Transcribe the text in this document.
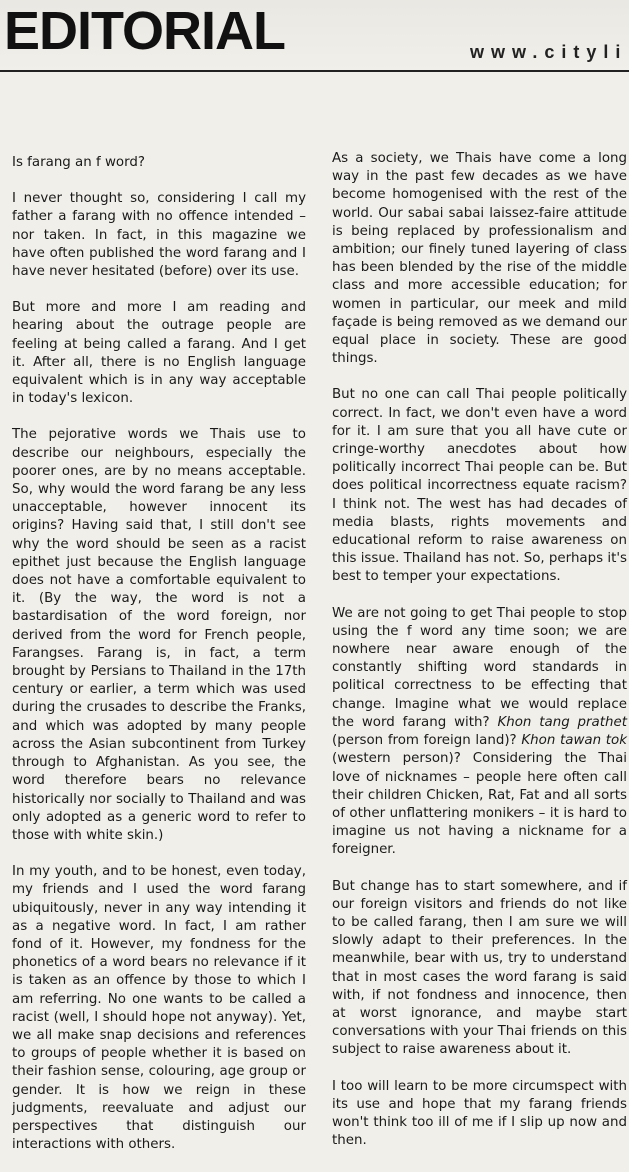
EDITORIAL	www.cityli

Is farang an f word?

I never thought so, considering I call my father a farang with no offence intended – nor taken. In fact, in this magazine we have often published the word farang and I have never hesitated (before) over its use.

But more and more I am reading and hearing about the outrage people are feeling at being called a farang. And I get it. After all, there is no English language equivalent which is in any way acceptable in today's lexicon.

The pejorative words we Thais use to describe our neighbours, especially the poorer ones, are by no means acceptable. So, why would the word farang be any less unacceptable, however innocent its origins? Having said that, I still don't see why the word should be seen as a racist epithet just because the English language does not have a comfortable equivalent to it. (By the way, the word is not a bastardisation of the word foreign, nor derived from the word for French people, Farangses. Farang is, in fact, a term brought by Persians to Thailand in the 17th century or earlier, a term which was used during the crusades to describe the Franks, and which was adopted by many people across the Asian subcontinent from Turkey through to Afghanistan. As you see, the word therefore bears no relevance historically nor socially to Thailand and was only adopted as a generic word to refer to those with white skin.)

In my youth, and to be honest, even today, my friends and I used the word farang ubiquitously, never in any way intending it as a negative word. In fact, I am rather fond of it. However, my fondness for the phonetics of a word bears no relevance if it is taken as an offence by those to which I am referring. No one wants to be called a racist (well, I should hope not anyway). Yet, we all make snap decisions and references to groups of people whether it is based on their fashion sense, colouring, age group or gender. It is how we reign in these judgments, reevaluate and adjust our perspectives that distinguish our interactions with others.

As a society, we Thais have come a long way in the past few decades as we have become homogenised with the rest of the world. Our sabai sabai laissez-faire attitude is being replaced by professionalism and ambition; our finely tuned layering of class has been blended by the rise of the middle class and more accessible education; for women in particular, our meek and mild façade is being removed as we demand our equal place in society. These are good things.

But no one can call Thai people politically correct. In fact, we don't even have a word for it. I am sure that you all have cute or cringe-worthy anecdotes about how politically incorrect Thai people can be. But does political incorrectness equate racism? I think not. The west has had decades of media blasts, rights movements and educational reform to raise awareness on this issue. Thailand has not. So, perhaps it's best to temper your expectations.

We are not going to get Thai people to stop using the f word any time soon; we are nowhere near aware enough of the constantly shifting word standards in political correctness to be effecting that change. Imagine what we would replace the word farang with? Khon tang prathet (person from foreign land)? Khon tawan tok (western person)? Considering the Thai love of nicknames – people here often call their children Chicken, Rat, Fat and all sorts of other unflattering monikers – it is hard to imagine us not having a nickname for a foreigner.

But change has to start somewhere, and if our foreign visitors and friends do not like to be called farang, then I am sure we will slowly adapt to their preferences. In the meanwhile, bear with us, try to understand that in most cases the word farang is said with, if not fondness and innocence, then at worst ignorance, and maybe start conversations with your Thai friends on this subject to raise awareness about it.

I too will learn to be more circumspect with its use and hope that my farang friends won't think too ill of me if I slip up now and then.
